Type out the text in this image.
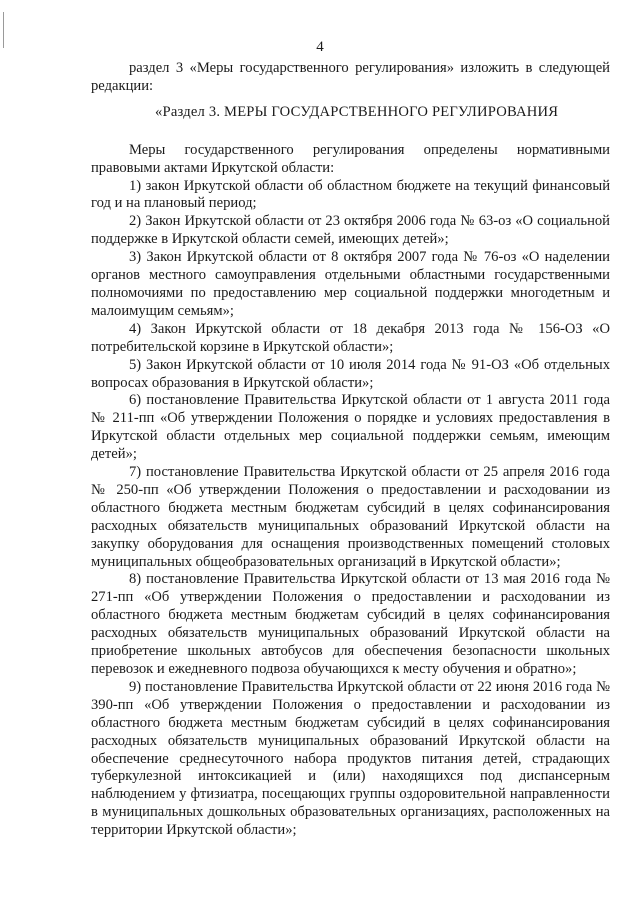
4

раздел 3 «Меры государственного регулирования» изложить в следующей редакции:

«Раздел 3. МЕРЫ ГОСУДАРСТВЕННОГО РЕГУЛИРОВАНИЯ

Меры государственного регулирования определены нормативными правовыми актами Иркутской области:

1) закон Иркутской области об областном бюджете на текущий финансовый год и на плановый период;

2) Закон Иркутской области от 23 октября 2006 года № 63-оз «О социальной поддержке в Иркутской области семей, имеющих детей»;

3) Закон Иркутской области от 8 октября 2007 года № 76-оз «О наделении органов местного самоуправления отдельными областными государственными полномочиями по предоставлению мер социальной поддержки многодетным и малоимущим семьям»;

4) Закон Иркутской области от 18 декабря 2013 года № 156-ОЗ «О потребительской корзине в Иркутской области»;

5) Закон Иркутской области от 10 июля 2014 года № 91-ОЗ «Об отдельных вопросах образования в Иркутской области»;

6) постановление Правительства Иркутской области от 1 августа 2011 года № 211-пп «Об утверждении Положения о порядке и условиях предоставления в Иркутской области отдельных мер социальной поддержки семьям, имеющим детей»;

7) постановление Правительства Иркутской области от 25 апреля 2016 года № 250-пп «Об утверждении Положения о предоставлении и расходовании из областного бюджета местным бюджетам субсидий в целях софинансирования расходных обязательств муниципальных образований Иркутской области на закупку оборудования для оснащения производственных помещений столовых муниципальных общеобразовательных организаций в Иркутской области»;

8) постановление Правительства Иркутской области от 13 мая 2016 года № 271-пп «Об утверждении Положения о предоставлении и расходовании из областного бюджета местным бюджетам субсидий в целях софинансирования расходных обязательств муниципальных образований Иркутской области на приобретение школьных автобусов для обеспечения безопасности школьных перевозок и ежедневного подвоза обучающихся к месту обучения и обратно»;

9) постановление Правительства Иркутской области от 22 июня 2016 года № 390-пп «Об утверждении Положения о предоставлении и расходовании из областного бюджета местным бюджетам субсидий в целях софинансирования расходных обязательств муниципальных образований Иркутской области на обеспечение среднесуточного набора продуктов питания детей, страдающих туберкулезной интоксикацией и (или) находящихся под диспансерным наблюдением у фтизиатра, посещающих группы оздоровительной направленности в муниципальных дошкольных образовательных организациях, расположенных на территории Иркутской области»;
